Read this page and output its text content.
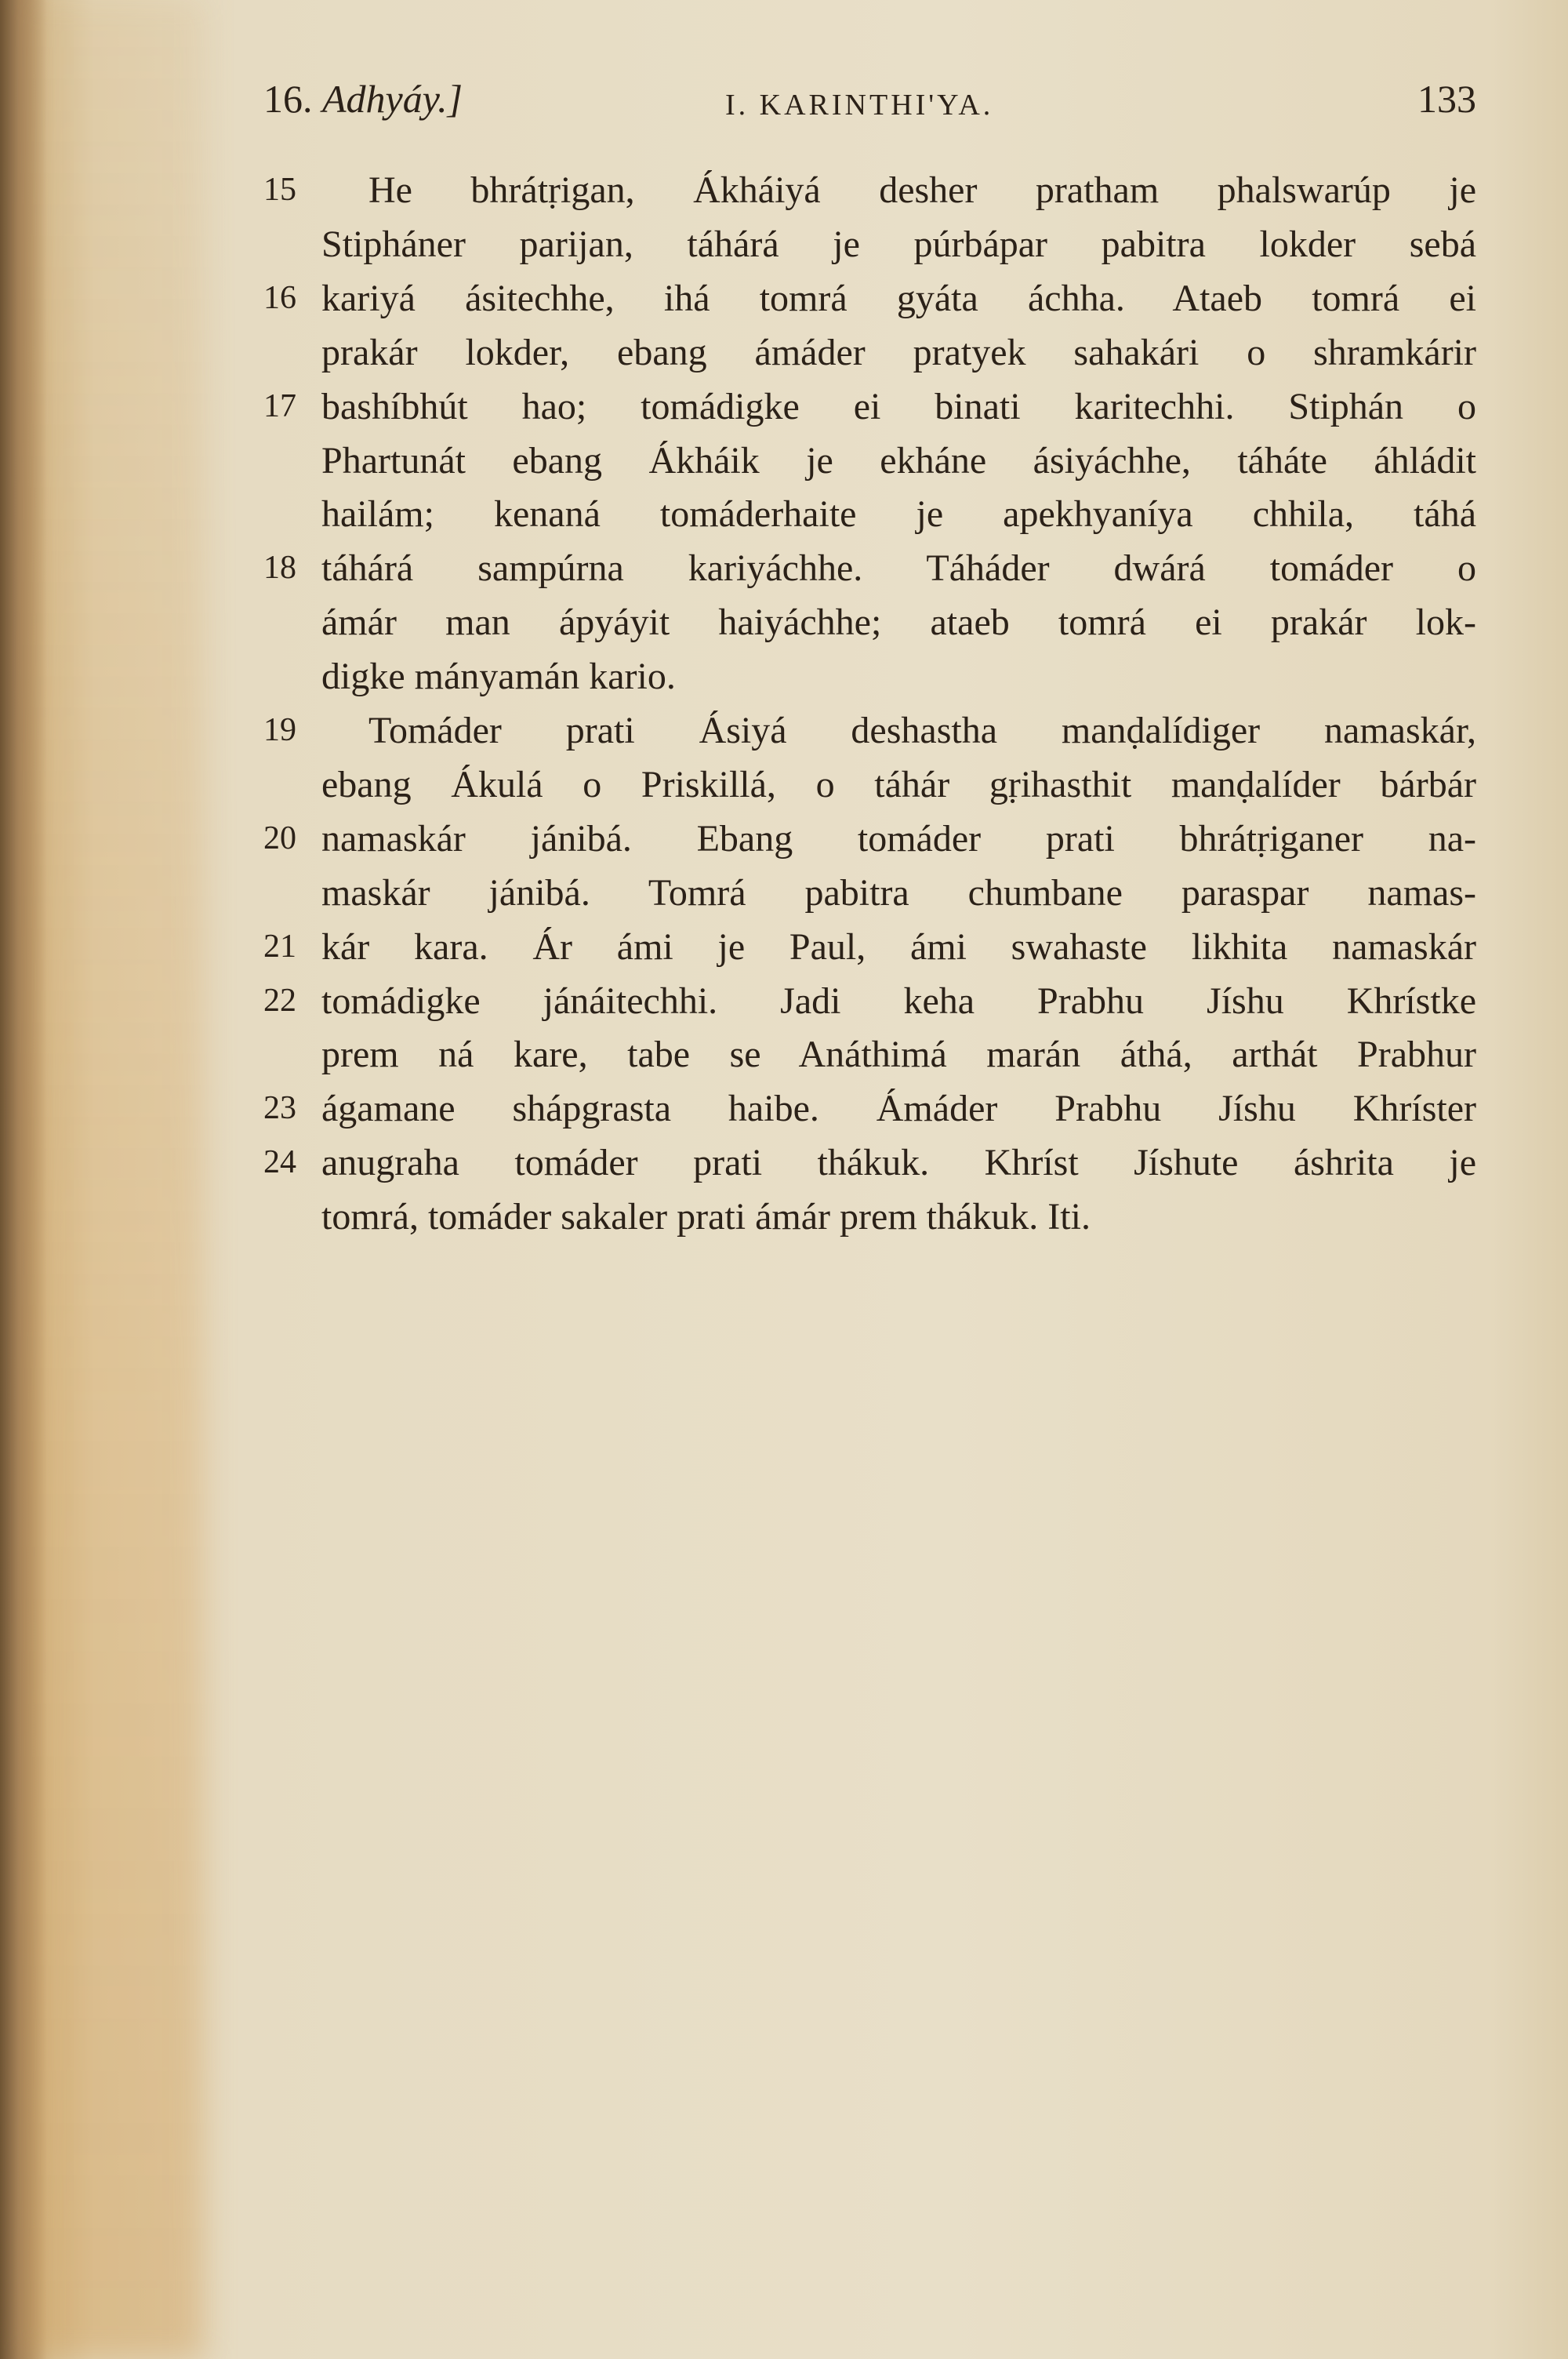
16. Adhyáy.]	I. KARINTHI'YA.	133
15 He bhrátṛigan, Ákháiyá desher pratham phalswarúp je
Stipháner parijan, táhárá je púrbápar pabitra lokder sebá
16 kariyá ásitechhe, ihá tomrá gyáta áchha. Ataeb tomrá ei
prakár lokder, ebang ámáder pratyek sahakári o shramkárir
17 bashíbhút hao; tomádigke ei binati karitechhi. Stiphán o
Phartunát ebang Ákháik je ekháne ásiyáchhe, táháte áhládit
hailám; kenaná tomáderhaite je apekhyaníya chhila, táhá
18 táhárá sampúrna kariyáchhe. Táháder dwárá tomáder o
ámár man ápyáyit haiyáchhe; ataeb tomrá ei prakár lok-
digke mányamán kario.
19 Tomáder prati Ásiyá deshastha manḍalídiger namaskár,
ebang Ákulá o Priskillá, o táhár gṛihasthit manḍalíder bárbár
20 namaskár jánibá. Ebang tomáder prati bhrátṛiganer na-
maskár jánibá. Tomrá pabitra chumbane paraspar namas-
21 kár kara. Ár ámi je Paul, ámi swahaste likhita namaskár
22 tomádigke jánáitechhi. Jadi keha Prabhu Jíshu Khrístke
prem ná kare, tabe se Anáthimá marán áthá, arthát Prabhur
23 ágamane shápgrasta haibe. Ámáder Prabhu Jíshu Khríster
24 anugraha tomáder prati thákuk. Khríst Jíshute áshrita je
tomrá, tomáder sakaler prati ámár prem thákuk. Iti.
